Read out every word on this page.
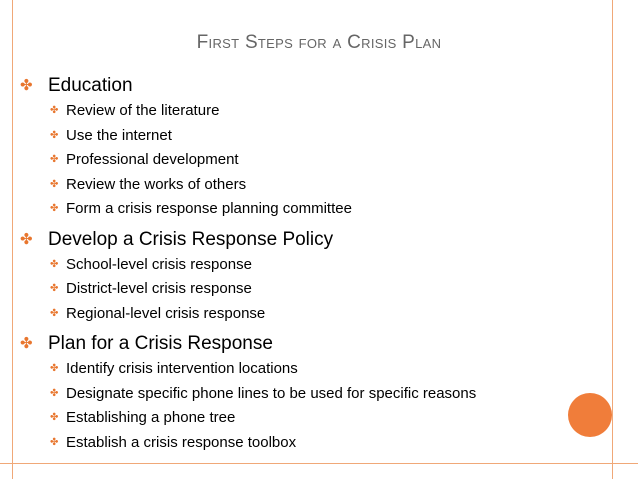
First Steps for a Crisis Plan
✤ Education
✤ Review of the literature
✤ Use the internet
✤ Professional development
✤ Review the works of others
✤ Form a crisis response planning committee
✤ Develop a Crisis Response Policy
✤ School-level crisis response
✤ District-level crisis response
✤ Regional-level crisis response
✤ Plan for a Crisis Response
✤ Identify crisis intervention locations
✤ Designate specific phone lines to be used for specific reasons
✤ Establishing a phone tree
✤ Establish a crisis response toolbox
